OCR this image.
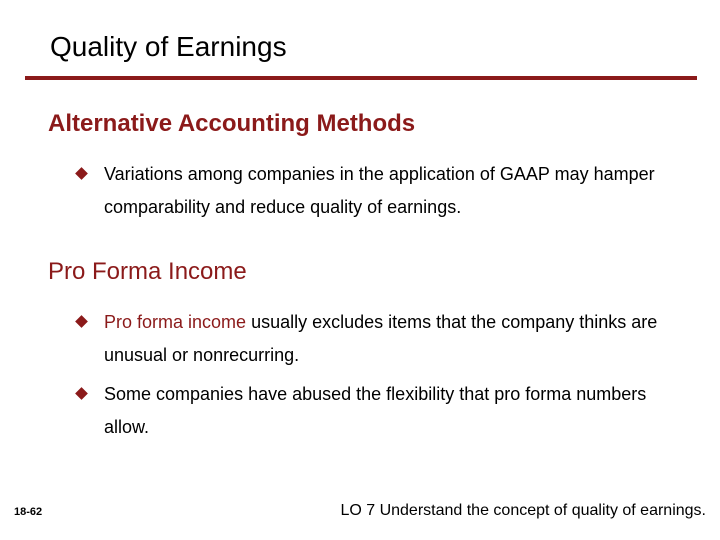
Quality of Earnings
Alternative Accounting Methods
Variations among companies in the application of GAAP may hamper comparability and reduce quality of earnings.
Pro Forma Income
Pro forma income usually excludes items that the company thinks are unusual or nonrecurring.
Some companies have abused the flexibility that pro forma numbers allow.
18-62	LO 7 Understand the concept of quality of earnings.
